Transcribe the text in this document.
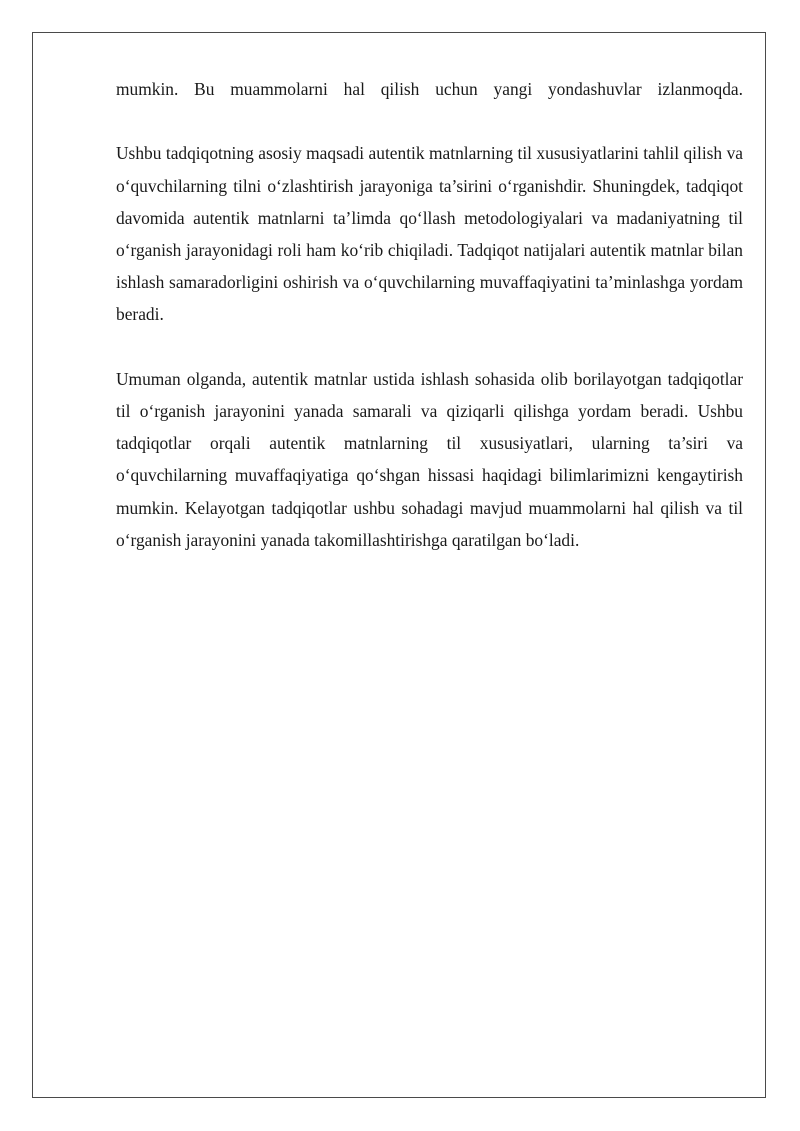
mumkin. Bu muammolarni hal qilish uchun yangi yondashuvlar izlanmoqda.

Ushbu tadqiqotning asosiy maqsadi autentik matnlarning til xususiyatlarini tahlil qilish va o‘quvchilarning tilni o‘zlashtirish jarayoniga ta’sirini o‘rganishdir. Shuningdek, tadqiqot davomida autentik matnlarni ta’limda qo‘llash metodologiyalari va madaniyatning til o‘rganish jarayonidagi roli ham ko‘rib chiqiladi. Tadqiqot natijalari autentik matnlar bilan ishlash samaradorligini oshirish va o‘quvchilarning muvaffaqiyatini ta’minlashga yordam beradi.

Umuman olganda, autentik matnlar ustida ishlash sohasida olib borilayotgan tadqiqotlar til o‘rganish jarayonini yanada samarali va qiziqarli qilishga yordam beradi. Ushbu tadqiqotlar orqali autentik matnlarning til xususiyatlari, ularning ta’siri va o‘quvchilarning muvaffaqiyatiga qo‘shgan hissasi haqidagi bilimlarimizni kengaytirish mumkin. Kelayotgan tadqiqotlar ushbu sohadagi mavjud muammolarni hal qilish va til o‘rganish jarayonini yanada takomillashtirishga qaratilgan bo‘ladi.
